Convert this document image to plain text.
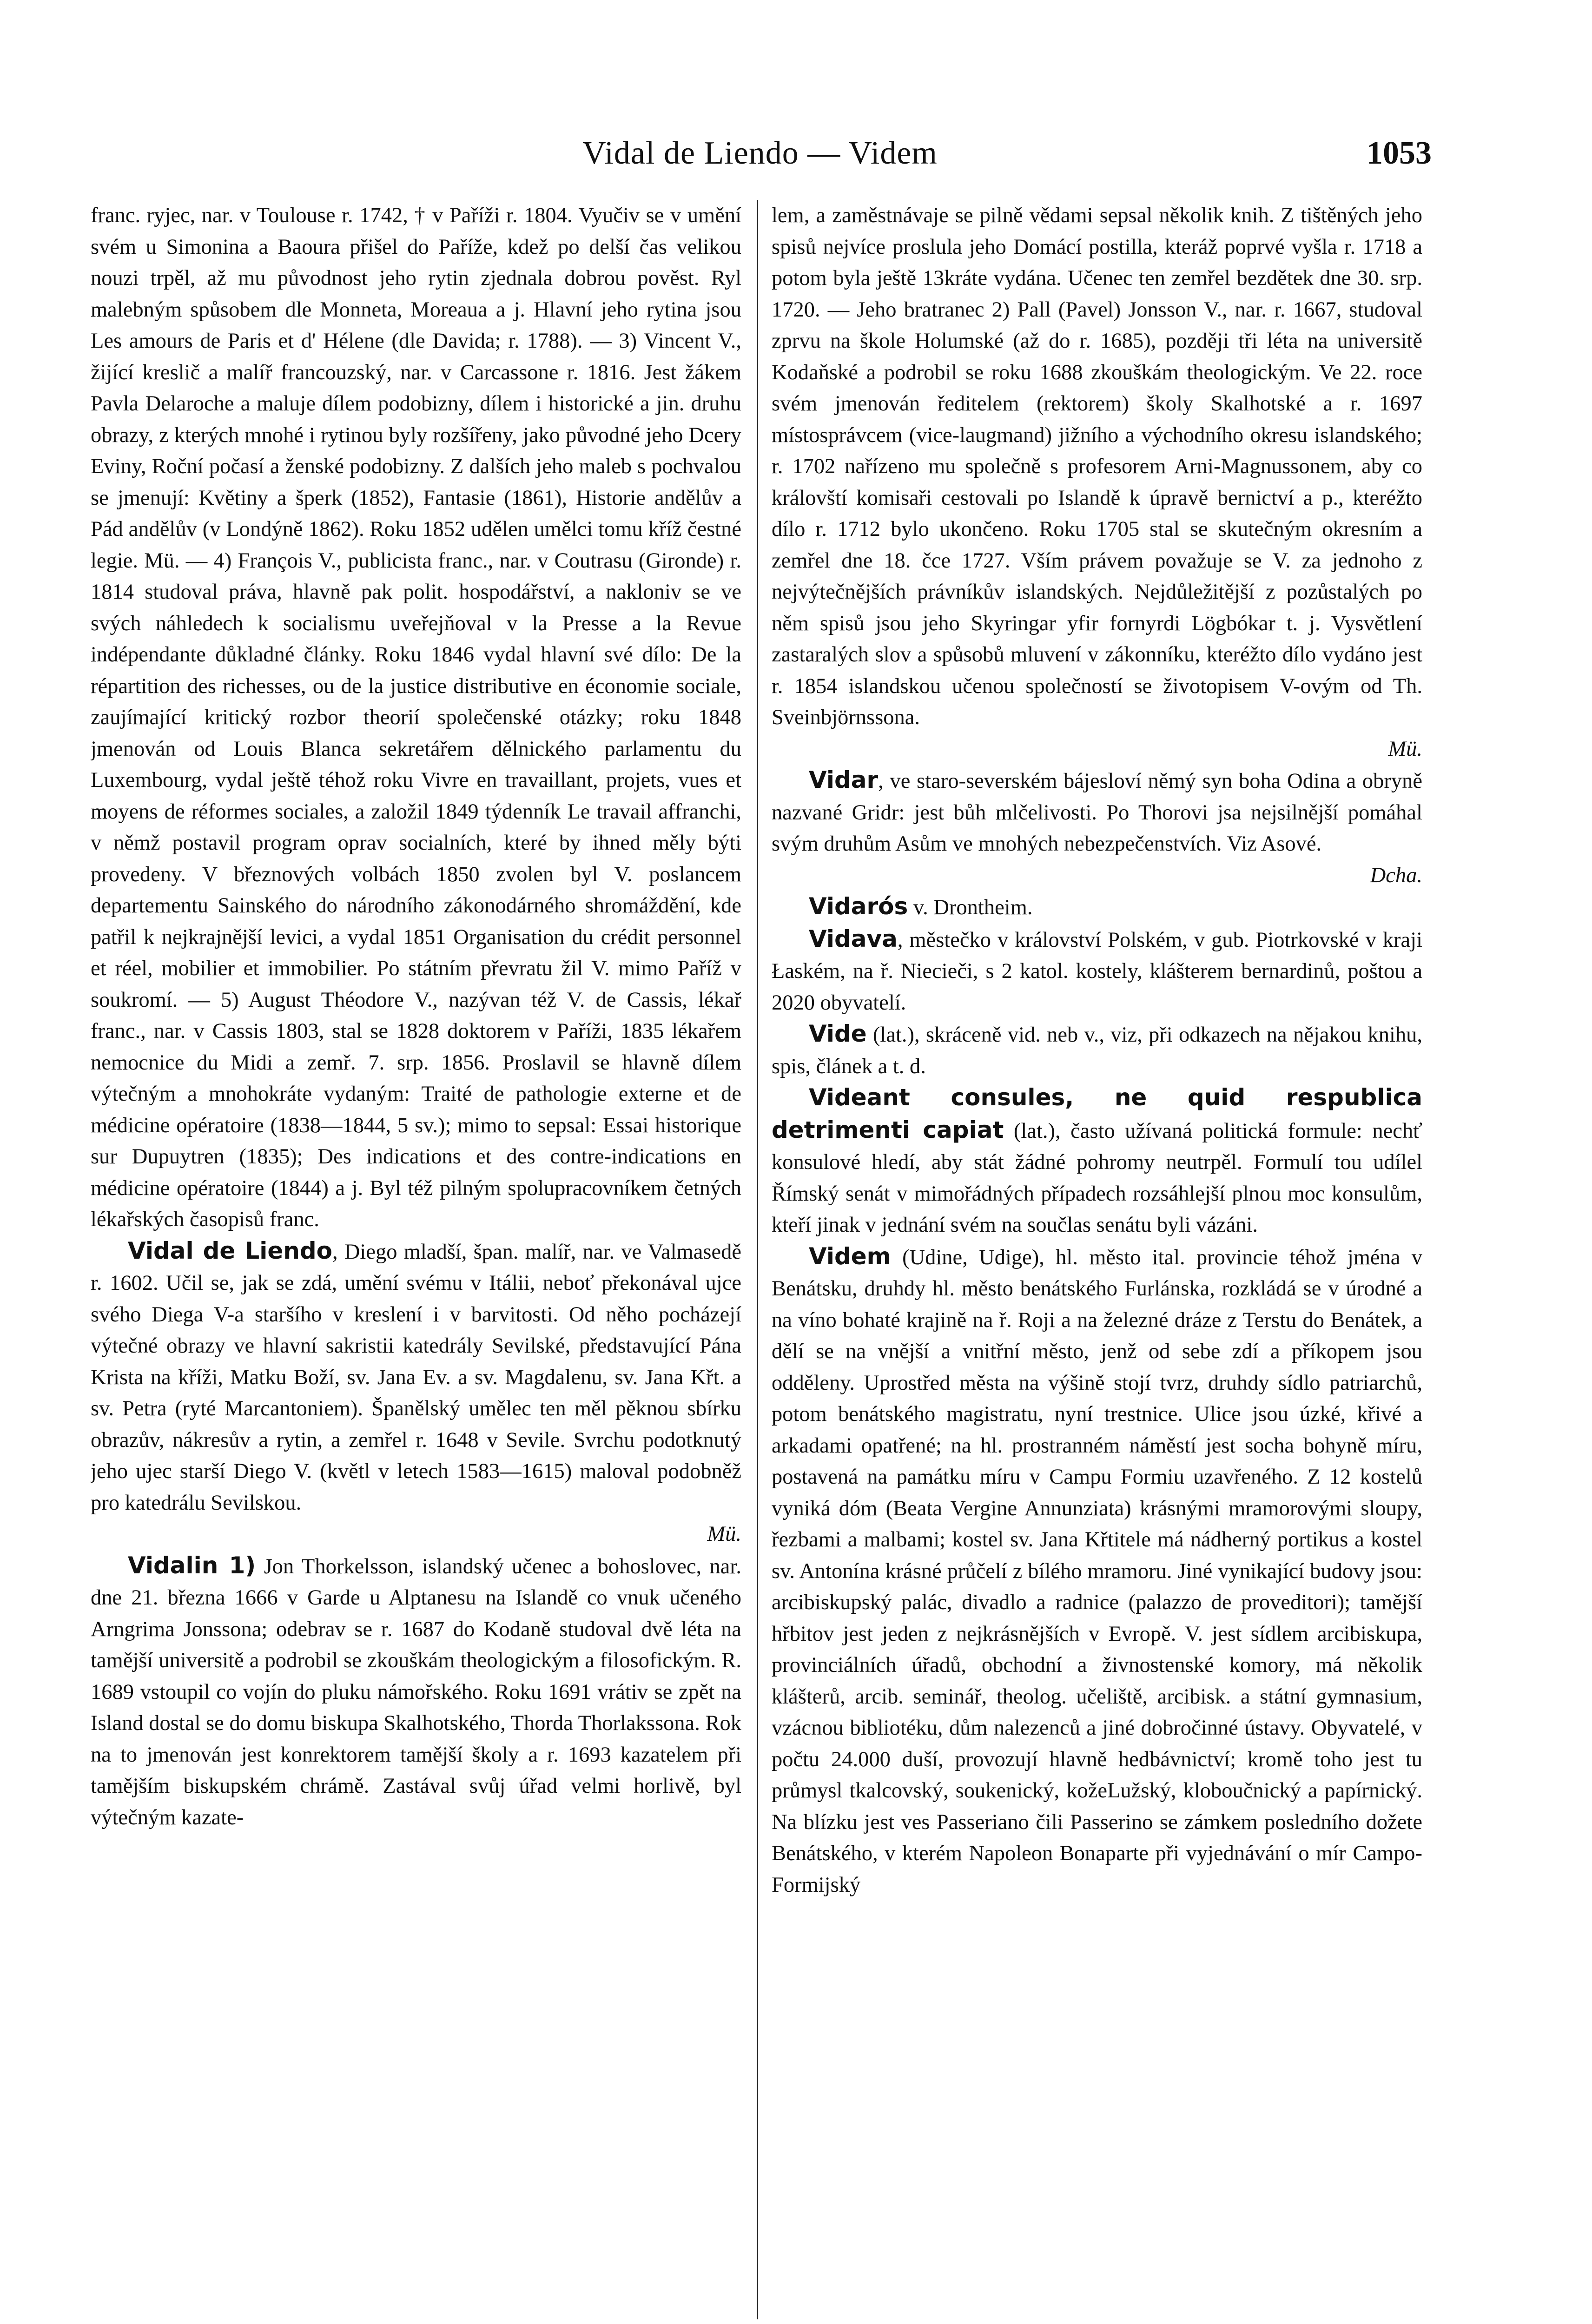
Vidal de Liendo — Videm	1053

franc. ryjec, nar. v Toulouse r. 1742, † v Paříži r. 1804. Vyučiv se v umění svém u Simonina a Baoura přišel do Paříže, kdež po delší čas velikou nouzi trpěl, až mu původnost jeho rytin zjednala dobrou pověst. Ryl malebným spůsobem dle Monneta, Moreaua a j. Hlavní jeho rytina jsou Les amours de Paris et d' Hélene (dle Davida; r. 1788). — 3) Vincent V., žijící kreslič a malíř francouzský, nar. v Carcassone r. 1816. Jest žákem Pavla Delaroche a maluje dílem podobizny, dílem i historické a jin. druhu obrazy, z kterých mnohé i rytinou byly rozšířeny, jako původné jeho Dcery Eviny, Roční počasí a ženské podobizny. Z dalších jeho maleb s pochvalou se jmenují: Květiny a šperk (1852), Fantasie (1861), Historie andělův a Pád andělův (v Londýně 1862). Roku 1852 udělen umělci tomu kříž čestné legie. Mü. — 4) François V., publicista franc., nar. v Coutrasu (Gironde) r. 1814 studoval práva, hlavně pak polit. hospodářství, a nakloniv se ve svých náhledech k socialismu uveřejňoval v la Presse a la Revue indépendante důkladné články. Roku 1846 vydal hlavní své dílo: De la répartition des richesses, ou de la justice distributive en économie sociale, zaujímající kritický rozbor theorií společenské otázky; roku 1848 jmenován od Louis Blanca sekretářem dělnického parlamentu du Luxembourg, vydal ještě téhož roku Vivre en travaillant, projets, vues et moyens de réformes sociales, a založil 1849 týdenník Le travail affranchi, v němž postavil program oprav socialních, které by ihned měly býti provedeny. V březnových volbách 1850 zvolen byl V. poslancem departementu Sainského do národního zákonodárného shromáždění, kde patřil k nejkrajnější levici, a vydal 1851 Organisation du crédit personnel et réel, mobilier et immobilier. Po státním převratu žil V. mimo Paříž v soukromí. — 5) August Théodore V., nazývan též V. de Cassis, lékař franc., nar. v Cassis 1803, stal se 1828 doktorem v Paříži, 1835 lékařem nemocnice du Midi a zemř. 7. srp. 1856. Proslavil se hlavně dílem výtečným a mnohokráte vydaným: Traité de pathologie externe et de médicine opératoire (1838—1844, 5 sv.); mimo to sepsal: Essai historique sur Dupuytren (1835); Des indications et des contre-indications en médicine opératoire (1844) a j. Byl též pilným spolupracovníkem četných lékařských časopisů franc.

Vidal de Liendo, Diego mladší, špan. malíř, nar. ve Valmasedě r. 1602. Učil se, jak se zdá, umění svému v Itálii, neboť překonával ujce svého Diega V-a staršího v kreslení i v barvitosti. Od něho pocházejí výtečné obrazy ve hlavní sakristii katedrály Sevilské, představující Pána Krista na kříži, Matku Boží, sv. Jana Ev. a sv. Magdalenu, sv. Jana Křt. a sv. Petra (ryté Marcantoniem). Španělský umělec ten měl pěknou sbírku obrazův, nákresův a rytin, a zemřel r. 1648 v Sevile. Svrchu podotknutý jeho ujec starší Diego V. (květl v letech 1583—1615) maloval podobněž pro katedrálu Sevilskou.

Mü.

Vidalin 1) Jon Thorkelsson, islandský učenec a bohoslovec, nar. dne 21. března 1666 v Garde u Alptanesu na Islandě co vnuk učeného Arngrima Jonssona; odebrav se r. 1687 do Kodaně studoval dvě léta na tamější universitě a podrobil se zkouškám theologickým a filosofickým. R. 1689 vstoupil co vojín do pluku námořského. Roku 1691 vrátiv se zpět na Island dostal se do domu biskupa Skalhotského, Thorda Thorlakssona. Rok na to jmenován jest konrektorem tamější školy a r. 1693 kazatelem při tamějším biskupském chrámě. Zastával svůj úřad velmi horlivě, byl výtečným kazate-

lem, a zaměstnávaje se pilně vědami sepsal několik knih. Z tištěných jeho spisů nejvíce proslula jeho Domácí postilla, kteráž poprvé vyšla r. 1718 a potom byla ještě 13kráte vydána. Učenec ten zemřel bezdětek dne 30. srp. 1720. — Jeho bratranec 2) Pall (Pavel) Jonsson V., nar. r. 1667, studoval zprvu na škole Holumské (až do r. 1685), později tři léta na universitě Kodaňské a podrobil se roku 1688 zkouškám theologickým. Ve 22. roce svém jmenován ředitelem (rektorem) školy Skalhotské a r. 1697 místosprávcem (vice-laugmand) jižního a východního okresu islandského; r. 1702 nařízeno mu společně s profesorem Arni-Magnussonem, aby co královští komisaři cestovali po Islandě k úpravě bernictví a p., kteréžto dílo r. 1712 bylo ukončeno. Roku 1705 stal se skutečným okresním a zemřel dne 18. čce 1727. Vším právem považuje se V. za jednoho z nejvýtečnějších právníkův islandských. Nejdůležitější z pozůstalých po něm spisů jsou jeho Skyringar yfir fornyrdi Lögbókar t. j. Vysvětlení zastaralých slov a spůsobů mluvení v zákonníku, kteréžto dílo vydáno jest r. 1854 islandskou učenou společností se životopisem V-ovým od Th. Sveinbjörnssona.

Mü.

Vidar, ve staro-severském bájesloví němý syn boha Odina a obryně nazvané Gridr: jest bůh mlčelivosti. Po Thorovi jsa nejsilnější pomáhal svým druhům Asům ve mnohých nebezpečenstvích. Viz Asové.

Dcha.

Vidarós v. Drontheim.

Vidava, městečko v království Polském, v gub. Piotrkovské v kraji Łaském, na ř. Niecieči, s 2 katol. kostely, klášterem bernardinů, poštou a 2020 obyvatelí.

Vide (lat.), skráceně vid. neb v., viz, při odkazech na nějakou knihu, spis, článek a t. d.

Videant consules, ne quid respublica detrimenti capiat (lat.), často užívaná politická formule: nechť konsulové hledí, aby stát žádné pohromy neutrpěl. Formulí tou udílel Římský senát v mimořádných případech rozsáhlejší plnou moc konsulům, kteří jinak v jednání svém na součlas senátu byli vázáni.

Videm (Udine, Udige), hl. město ital. provincie téhož jména v Benátsku, druhdy hl. město benátského Furlánska, rozkládá se v úrodné a na víno bohaté krajině na ř. Roji a na železné dráze z Terstu do Benátek, a dělí se na vnější a vnitřní město, jenž od sebe zdí a příkopem jsou odděleny. Uprostřed města na výšině stojí tvrz, druhdy sídlo patriarchů, potom benátského magistratu, nyní trestnice. Ulice jsou úzké, křivé a arkadami opatřené; na hl. prostranném náměstí jest socha bohyně míru, postavená na památku míru v Campu Formiu uzavřeného. Z 12 kostelů vyniká dóm (Beata Vergine Annunziata) krásnými mramorovými sloupy, řezbami a malbami; kostel sv. Jana Křtitele má nádherný portikus a kostel sv. Antonína krásné průčelí z bílého mramoru. Jiné vynikající budovy jsou: arcibiskupský palác, divadlo a radnice (palazzo de proveditori); tamější hřbitov jest jeden z nejkrásnějších v Evropě. V. jest sídlem arcibiskupa, provinciálních úřadů, obchodní a živnostenské komory, má několik klášterů, arcib. seminář, theolog. učeliště, arcibisk. a státní gymnasium, vzácnou bibliotéku, dům nalezenců a jiné dobročinné ústavy. Obyvatelé, v počtu 24.000 duší, provozují hlavně hedbávnictví; kromě toho jest tu průmysl tkalcovský, soukenický, kožeLužský, kloboučnický a papírnický. Na blízku jest ves Passeriano čili Passerino se zámkem posledního dožete Benátského, v kterém Napoleon Bonaparte při vyjednávání o mír Campo-Formijský
